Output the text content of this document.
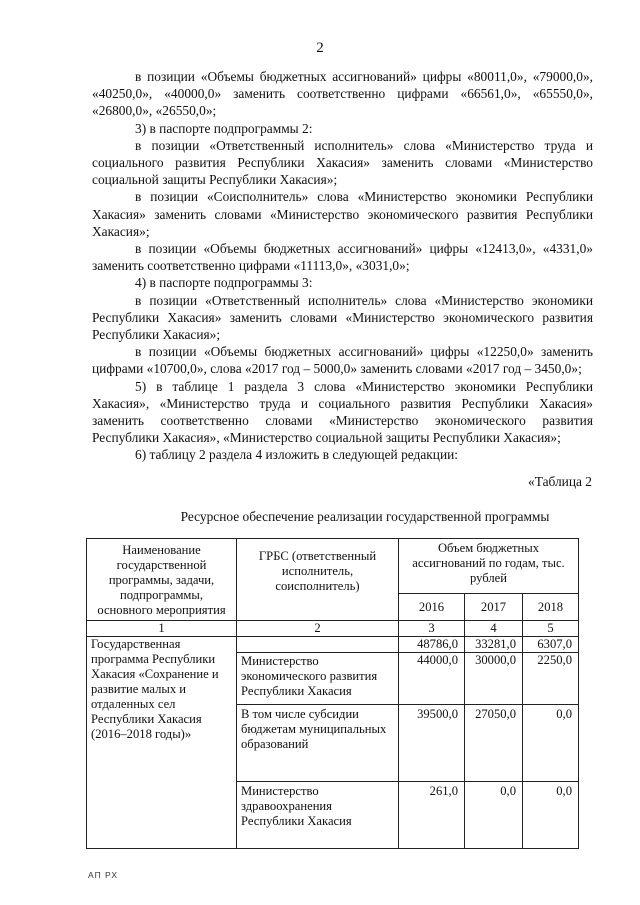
2

в позиции «Объемы бюджетных ассигнований» цифры «80011,0», «79000,0», «40250,0», «40000,0» заменить соответственно цифрами «66561,0», «65550,0», «26800,0», «26550,0»;

3) в паспорте подпрограммы 2:

в позиции «Ответственный исполнитель» слова «Министерство труда и социального развития Республики Хакасия» заменить словами «Министерство социальной защиты Республики Хакасия»;

в позиции «Соисполнитель» слова «Министерство экономики Республики Хакасия» заменить словами «Министерство экономического развития Республики Хакасия»;

в позиции «Объемы бюджетных ассигнований» цифры «12413,0», «4331,0» заменить соответственно цифрами «11113,0», «3031,0»;

4) в паспорте подпрограммы 3:

в позиции «Ответственный исполнитель» слова «Министерство экономики Республики Хакасия» заменить словами «Министерство экономического развития Республики Хакасия»;

в позиции «Объемы бюджетных ассигнований» цифры «12250,0» заменить цифрами «10700,0», слова «2017 год – 5000,0» заменить словами «2017 год – 3450,0»;

5) в таблице 1 раздела 3 слова «Министерство экономики Республики Хакасия», «Министерство труда и социального развития Республики Хакасия» заменить соответственно словами «Министерство экономического развития Республики Хакасия», «Министерство социальной защиты Республики Хакасия»;

6) таблицу 2 раздела 4 изложить в следующей редакции:

«Таблица 2
Ресурсное обеспечение реализации государственной программы
Наименование государственной программы, задачи, подпрограммы, основного мероприятия	ГРБС (ответственный исполнитель, соисполнитель)	Объем бюджетных ассигнований по годам, тыс. рублей		
		2016	2017	2018
1	2	3	4	5
Государственная программа Республики Хакасия «Сохранение и развитие малых и отдаленных сел Республики Хакасия (2016–2018 годы)»		48786,0	33281,0	6307,0
	Министерство экономического развития Республики Хакасия	44000,0	30000,0	2250,0
	В том числе субсидии бюджетам муниципальных образований	39500,0	27050,0	0,0
	Министерство здравоохранения Республики Хакасия	261,0	0,0	0,0
АП РХ
